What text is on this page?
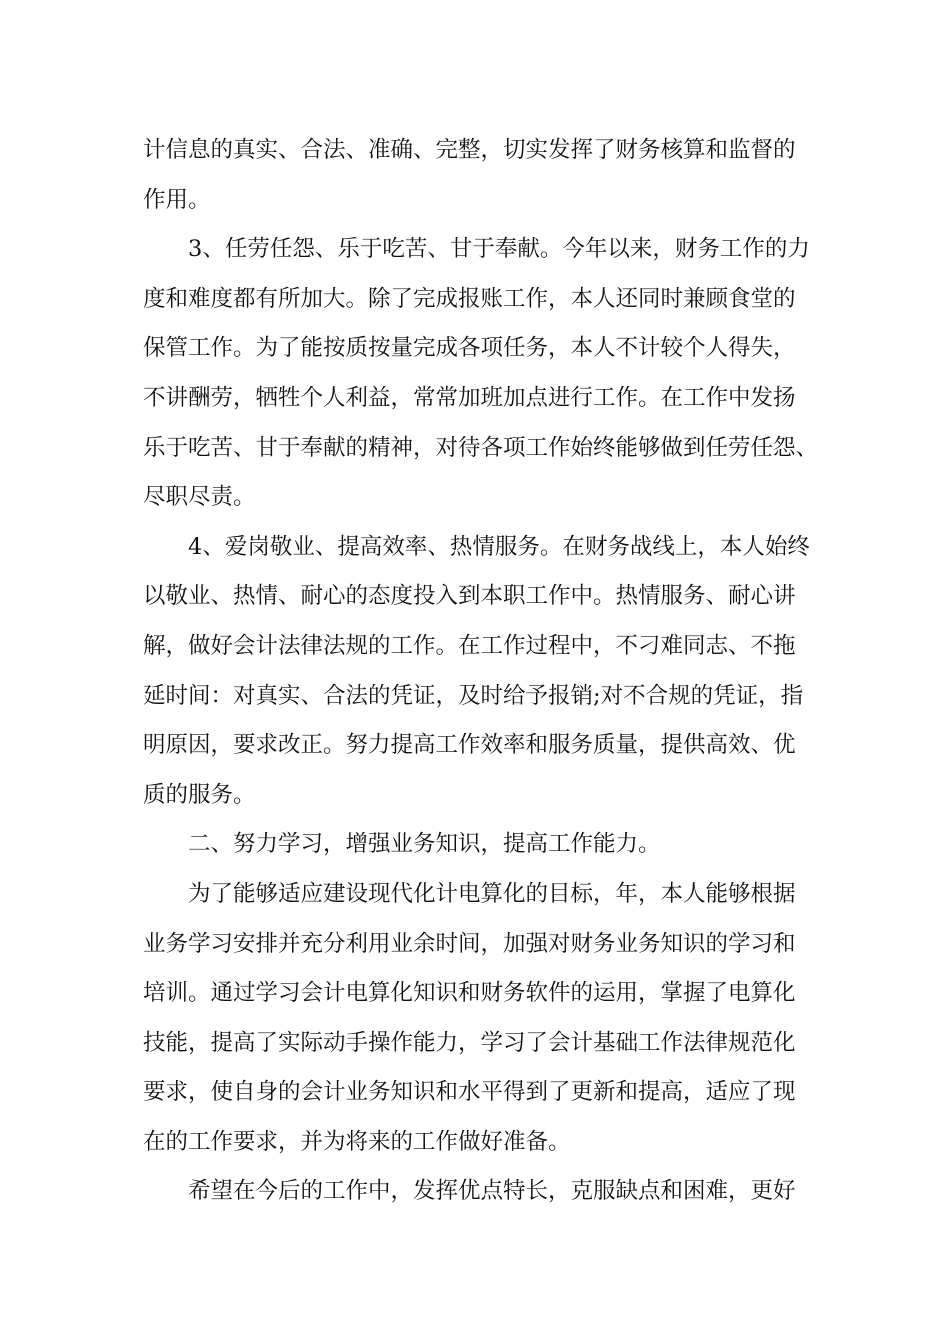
计信息的真实、合法、准确、完整，切实发挥了财务核算和监督的
作用。

3、任劳任怨、乐于吃苦、甘于奉献。今年以来，财务工作的力
度和难度都有所加大。除了完成报账工作，本人还同时兼顾食堂的
保管工作。为了能按质按量完成各项任务，本人不计较个人得失，
不讲酬劳，牺牲个人利益，常常加班加点进行工作。在工作中发扬
乐于吃苦、甘于奉献的精神，对待各项工作始终能够做到任劳任怨、
尽职尽责。

4、爱岗敬业、提高效率、热情服务。在财务战线上，本人始终
以敬业、热情、耐心的态度投入到本职工作中。热情服务、耐心讲
解，做好会计法律法规的工作。在工作过程中，不刁难同志、不拖
延时间：对真实、合法的凭证，及时给予报销;对不合规的凭证，指
明原因，要求改正。努力提高工作效率和服务质量，提供高效、优
质的服务。

二、努力学习，增强业务知识，提高工作能力。

为了能够适应建设现代化计电算化的目标，年，本人能够根据
业务学习安排并充分利用业余时间，加强对财务业务知识的学习和
培训。通过学习会计电算化知识和财务软件的运用，掌握了电算化
技能，提高了实际动手操作能力，学习了会计基础工作法律规范化
要求，使自身的会计业务知识和水平得到了更新和提高，适应了现
在的工作要求，并为将来的工作做好准备。

希望在今后的工作中，发挥优点特长，克服缺点和困难，更好
